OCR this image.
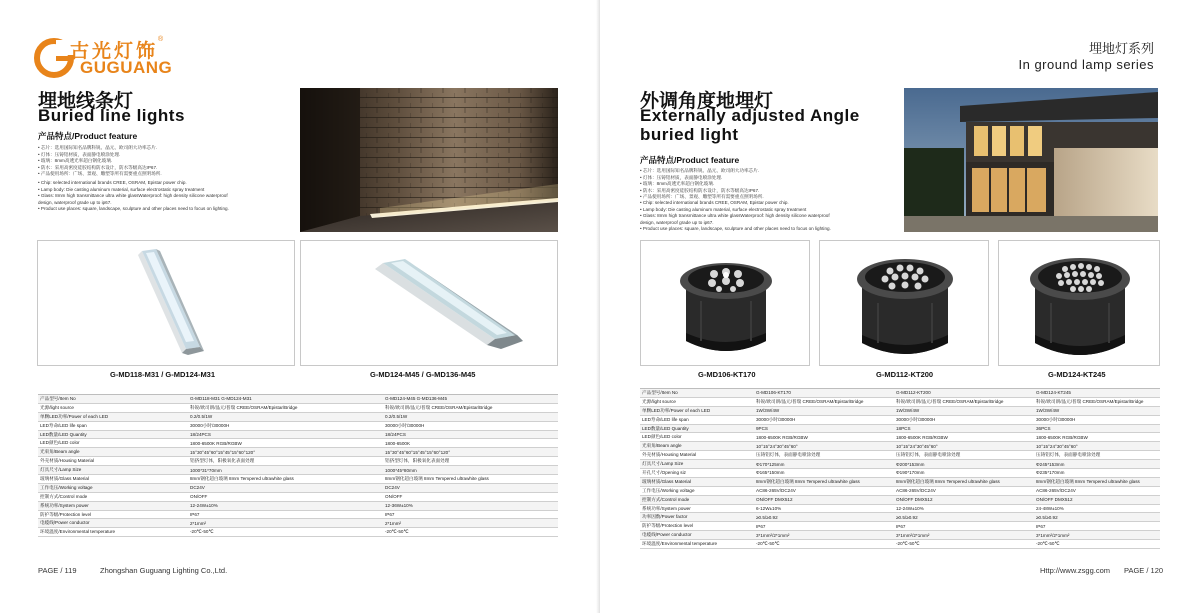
古光灯饰
®
GUGUANG
埋地线条灯
Buried line lights
产品特点/Product feature
• 芯片：选用国际知名品牌科锐、晶元、欧司朗大功率芯片.
• 灯体：压铸铝材质，表面静电喷涂处理.
• 玻璃：8mm高透光率超白钢化玻璃.
• 防水：采用高密度硅胶结构防水设计，防水等级高达IP67.
• 产品使用场所：广场、景观、雕塑等所有需要重点照明场所.
• Chip: selected international brands CREE, OSRAM, Epistar power chip.
• Lamp body: Die casting aluminum material, surface electrostatic spray treatment
• Glass: 8mm high transmittance ultra white glassWaterproof: high density silicone waterproof
design, waterproof grade up to ip67.
• Product use places: square, landscape, sculpture and other places need to focus on lighting.
G-MD118-M31 / G-MD124-M31	G-MD124-M45 / G-MD136-M45
产品型号/Item No	G-MD118-M31 G-MD124-M31	G-MD124-M45 G-MD136-M45
光源/light source	科锐/欧司朗/晶元/普瑞 CREE/OSRAM/Epistar/Bridge	科锐/欧司朗/晶元/普瑞 CREE/OSRAM/Epistar/Bridge
单颗LED功率/Power of each LED	0.2/0.5/1W	0.2/0.5/1W
LED寿命/LED life span	30000小时/30000H	30000小时/30000H
LED数量/LED Quantity	18/24PCS	18/24PCS
LED颜色/LED color	1800-6500K RGB/RGBW	1800-6500K
光束角/Beam angle	15°30°45°60°15°45°15°60°120°	15°30°45°60°15°45°15°60°120°
外壳材质/Housing Material	铝挤型灯体，阳极氧化表面处理	铝挤型灯体，阳极氧化表面处理
灯具尺寸/Lamp Size	1000*31*70mm	1000*45*80mm
玻璃材质/Glass Material	8mm钢化超白玻璃 8mm Tempered ultrawhite glass	8mm钢化超白玻璃 8mm Tempered ultrawhite glass
工作电压/Working voltage	DC24V	DC24V
控制方式/Control mode	ON/OFF	ON/OFF
系统功率/System power	12-24W±10%	12-36W±10%
防护等级/Protection level	IP67	IP67
电缆线/Power conductor	2*1mm²	2*1mm²
环境温度/Environmental temperature	-20℃-50℃	-20℃-50℃
PAGE / 119	Zhongshan Guguang Lighting Co.,Ltd.
埋地灯系列
In ground lamp series
外调角度地埋灯
Externally adjusted Angle
buried light
产品特点/Product feature
• 芯片：选用国际知名品牌科锐、晶元、欧司朗大功率芯片.
• 灯体：压铸铝材质，表面静电喷涂处理.
• 玻璃：8mm高透光率超白钢化玻璃.
• 防水：采用高密度硅胶结构防水设计，防水等级高达IP67.
• 产品使用场所：广场、景观、雕塑等所有需要重点照明场所.
• Chip: selected international brands CREE, OSRAM, Epistar power chip.
• Lamp body: Die casting aluminum material, surface electrostatic spray treatment
• Glass: 8mm high transmittance ultra white glassWaterproof: high density silicone waterproof
design, waterproof grade up to ip67.
• Product use places: square, landscape, sculpture and other places need to focus on lighting.
G-MD106-KT170	G-MD112-KT200	G-MD124-KT245
产品型号/Item No	G-MD106-KT170	G-MD112-KT200	G-MD124-KT245
光源/light source	科锐/欧司朗/晶元/普瑞 CREE/OSRAM/Epistar/Bridge	科锐/欧司朗/晶元/普瑞 CREE/OSRAM/Epistar/Bridge	科锐/欧司朗/晶元/普瑞 CREE/OSRAM/Epistar/Bridge
单颗LED功率/Power of each LED	1W/3W/4W	1W/3W/4W	1W/3W/4W
LED寿命/LED life span	30000小时/30000H	30000小时/30000H	30000小时/30000H
LED数量/LED Quantity	9PCS	18PCS	36PCS
LED颜色/LED color	1800-6500K RGB/RGBW	1800-6500K RGB/RGBW	1800-6500K RGB/RGBW
光束角/Beam angle	10°15°24°30°45°60°	10°15°24°30°45°60°	10°15°24°30°45°60°
外壳材质/Housing Material	压铸铝灯体，表面静电喷涂处理	压铸铝灯体，表面静电喷涂处理	压铸铝灯体，表面静电喷涂处理
灯具尺寸/Lamp Size	Φ170*125mm	Φ200*153mm	Φ245*153mm
开孔尺寸/Opening siz	Φ165*150mm	Φ190*170mm	Φ235*170mm
玻璃材质/Glass Material	8mm钢化超白玻璃 8mm Tempered ultrawhite glass	8mm钢化超白玻璃 8mm Tempered ultrawhite glass	8mm钢化超白玻璃 8mm Tempered ultrawhite glass
工作电压/Working voltage	AC86-265V/DC24V	AC86-265V/DC24V	AC86-265V/DC24V
控制方式/Control mode	ON/OFF DMX512	ON/OFF DMX512	ON/OFF DMX512
系统功率/System power	6-12W±10%	12-24W±10%	24-48W±10%
功率因数/Power factor	≥0.5/≥0.92	≥0.5/≥0.92	≥0.5/≥0.92
防护等级/Protection level	IP67	IP67	IP67
电缆线/Power conductor	3*1mm²/2*1mm²	3*1mm²/2*1mm²	3*1mm²/2*1mm²
环境温度/Environmental temperature	-20℃-50℃	-20℃-50℃	-20℃-50℃
Http://www.zsgg.com PAGE / 120
